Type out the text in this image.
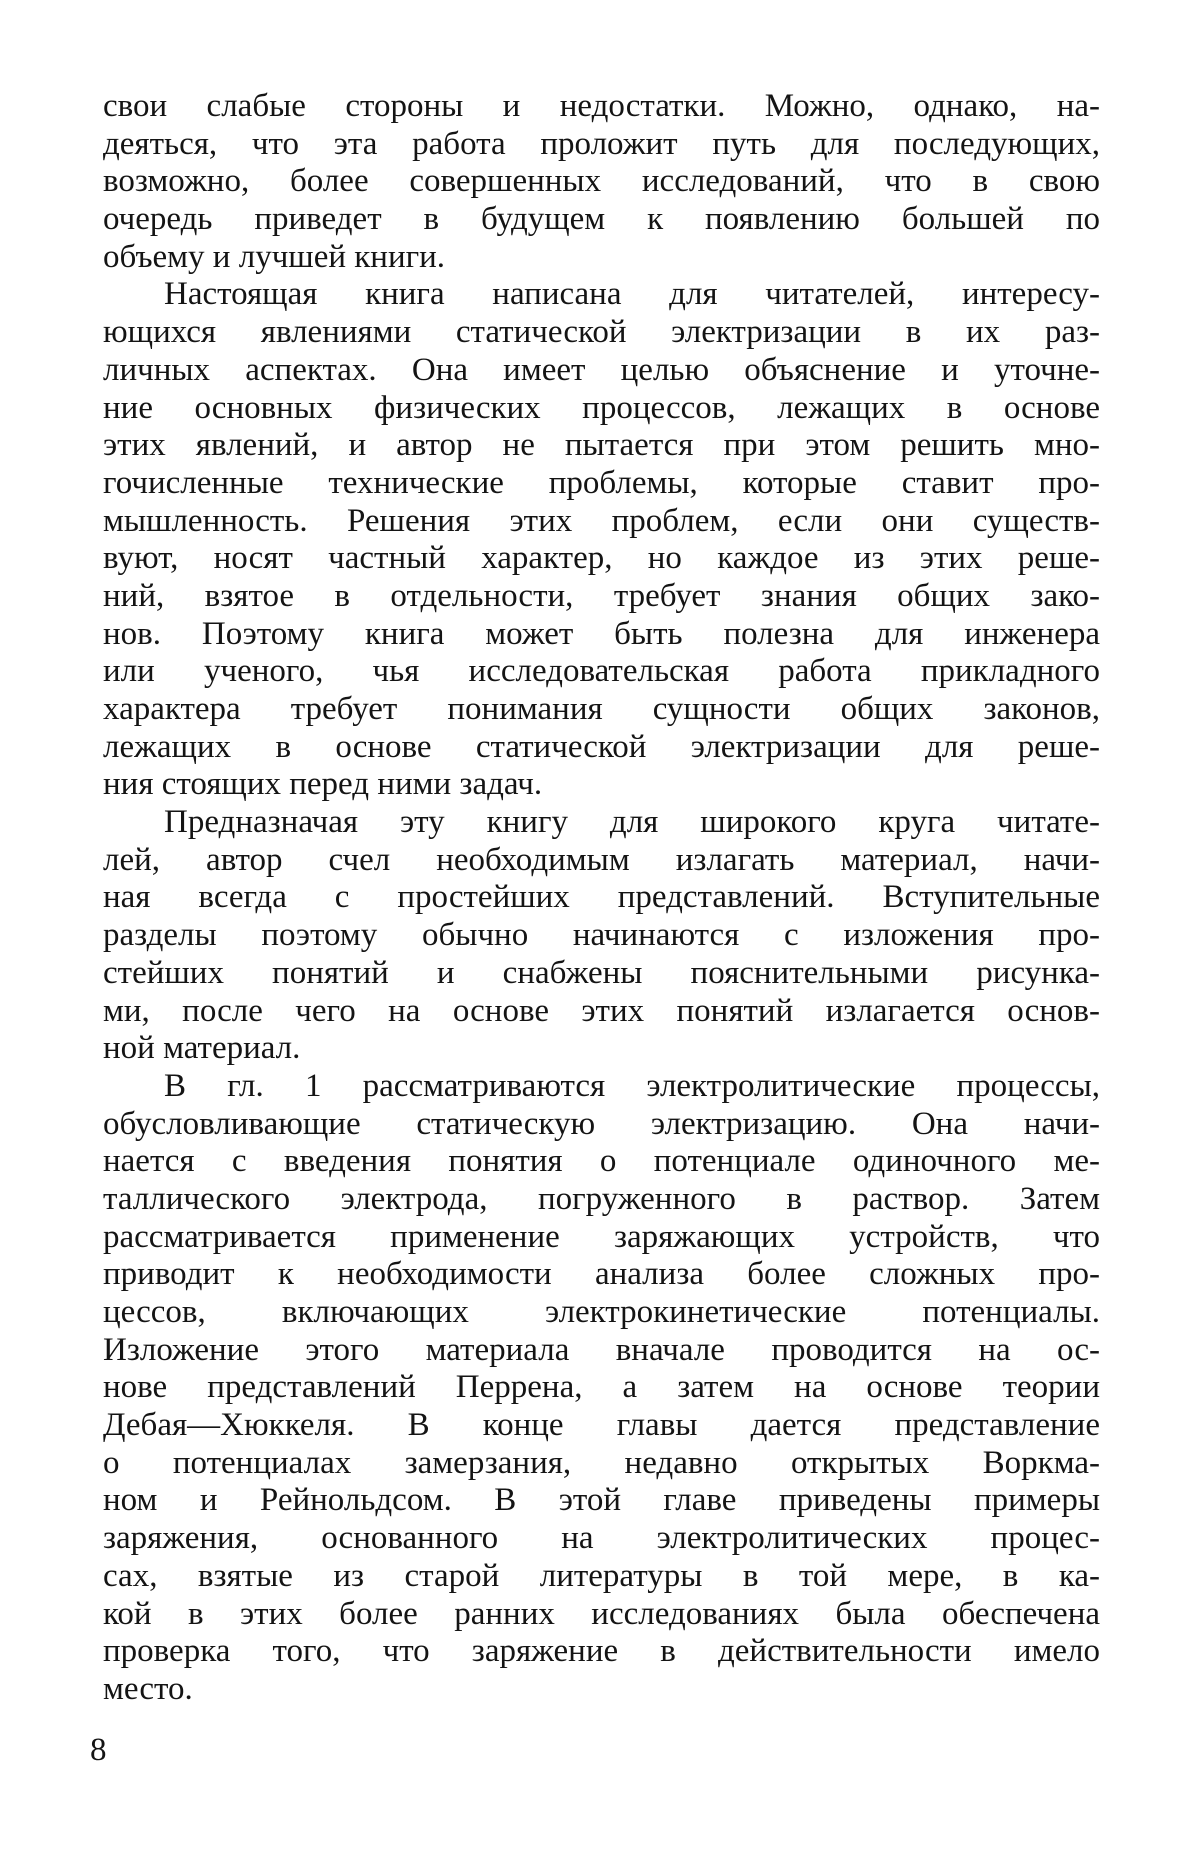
свои слабые стороны и недостатки. Можно, однако, на-
деяться, что эта работа проложит путь для последующих,
возможно, более совершенных исследований, что в свою
очередь приведет в будущем к появлению большей по
объему и лучшей книги.
Настоящая книга написана для читателей, интересу-
ющихся явлениями статической электризации в их раз-
личных аспектах. Она имеет целью объяснение и уточне-
ние основных физических процессов, лежащих в основе
этих явлений, и автор не пытается при этом решить мно-
гочисленные технические проблемы, которые ставит про-
мышленность. Решения этих проблем, если они существ-
вуют, носят частный характер, но каждое из этих реше-
ний, взятое в отдельности, требует знания общих зако-
нов. Поэтому книга может быть полезна для инженера
или ученого, чья исследовательская работа прикладного
характера требует понимания сущности общих законов,
лежащих в основе статической электризации для реше-
ния стоящих перед ними задач.
Предназначая эту книгу для широкого круга читате-
лей, автор счел необходимым излагать материал, начи-
ная всегда с простейших представлений. Вступительные
разделы поэтому обычно начинаются с изложения про-
стейших понятий и снабжены пояснительными рисунка-
ми, после чего на основе этих понятий излагается основ-
ной материал.
В гл. 1 рассматриваются электролитические процессы,
обусловливающие статическую электризацию. Она начи-
нается с введения понятия о потенциале одиночного ме-
таллического электрода, погруженного в раствор. Затем
рассматривается применение заряжающих устройств, что
приводит к необходимости анализа более сложных про-
цессов, включающих электрокинетические потенциалы.
Изложение этого материала вначале проводится на ос-
нове представлений Перрена, а затем на основе теории
Дебая—Хюккеля. В конце главы дается представление
о потенциалах замерзания, недавно открытых Воркма-
ном и Рейнольдсом. В этой главе приведены примеры
заряжения, основанного на электролитических процес-
сах, взятые из старой литературы в той мере, в ка-
кой в этих более ранних исследованиях была обеспечена
проверка того, что заряжение в действительности имело
место.
8
